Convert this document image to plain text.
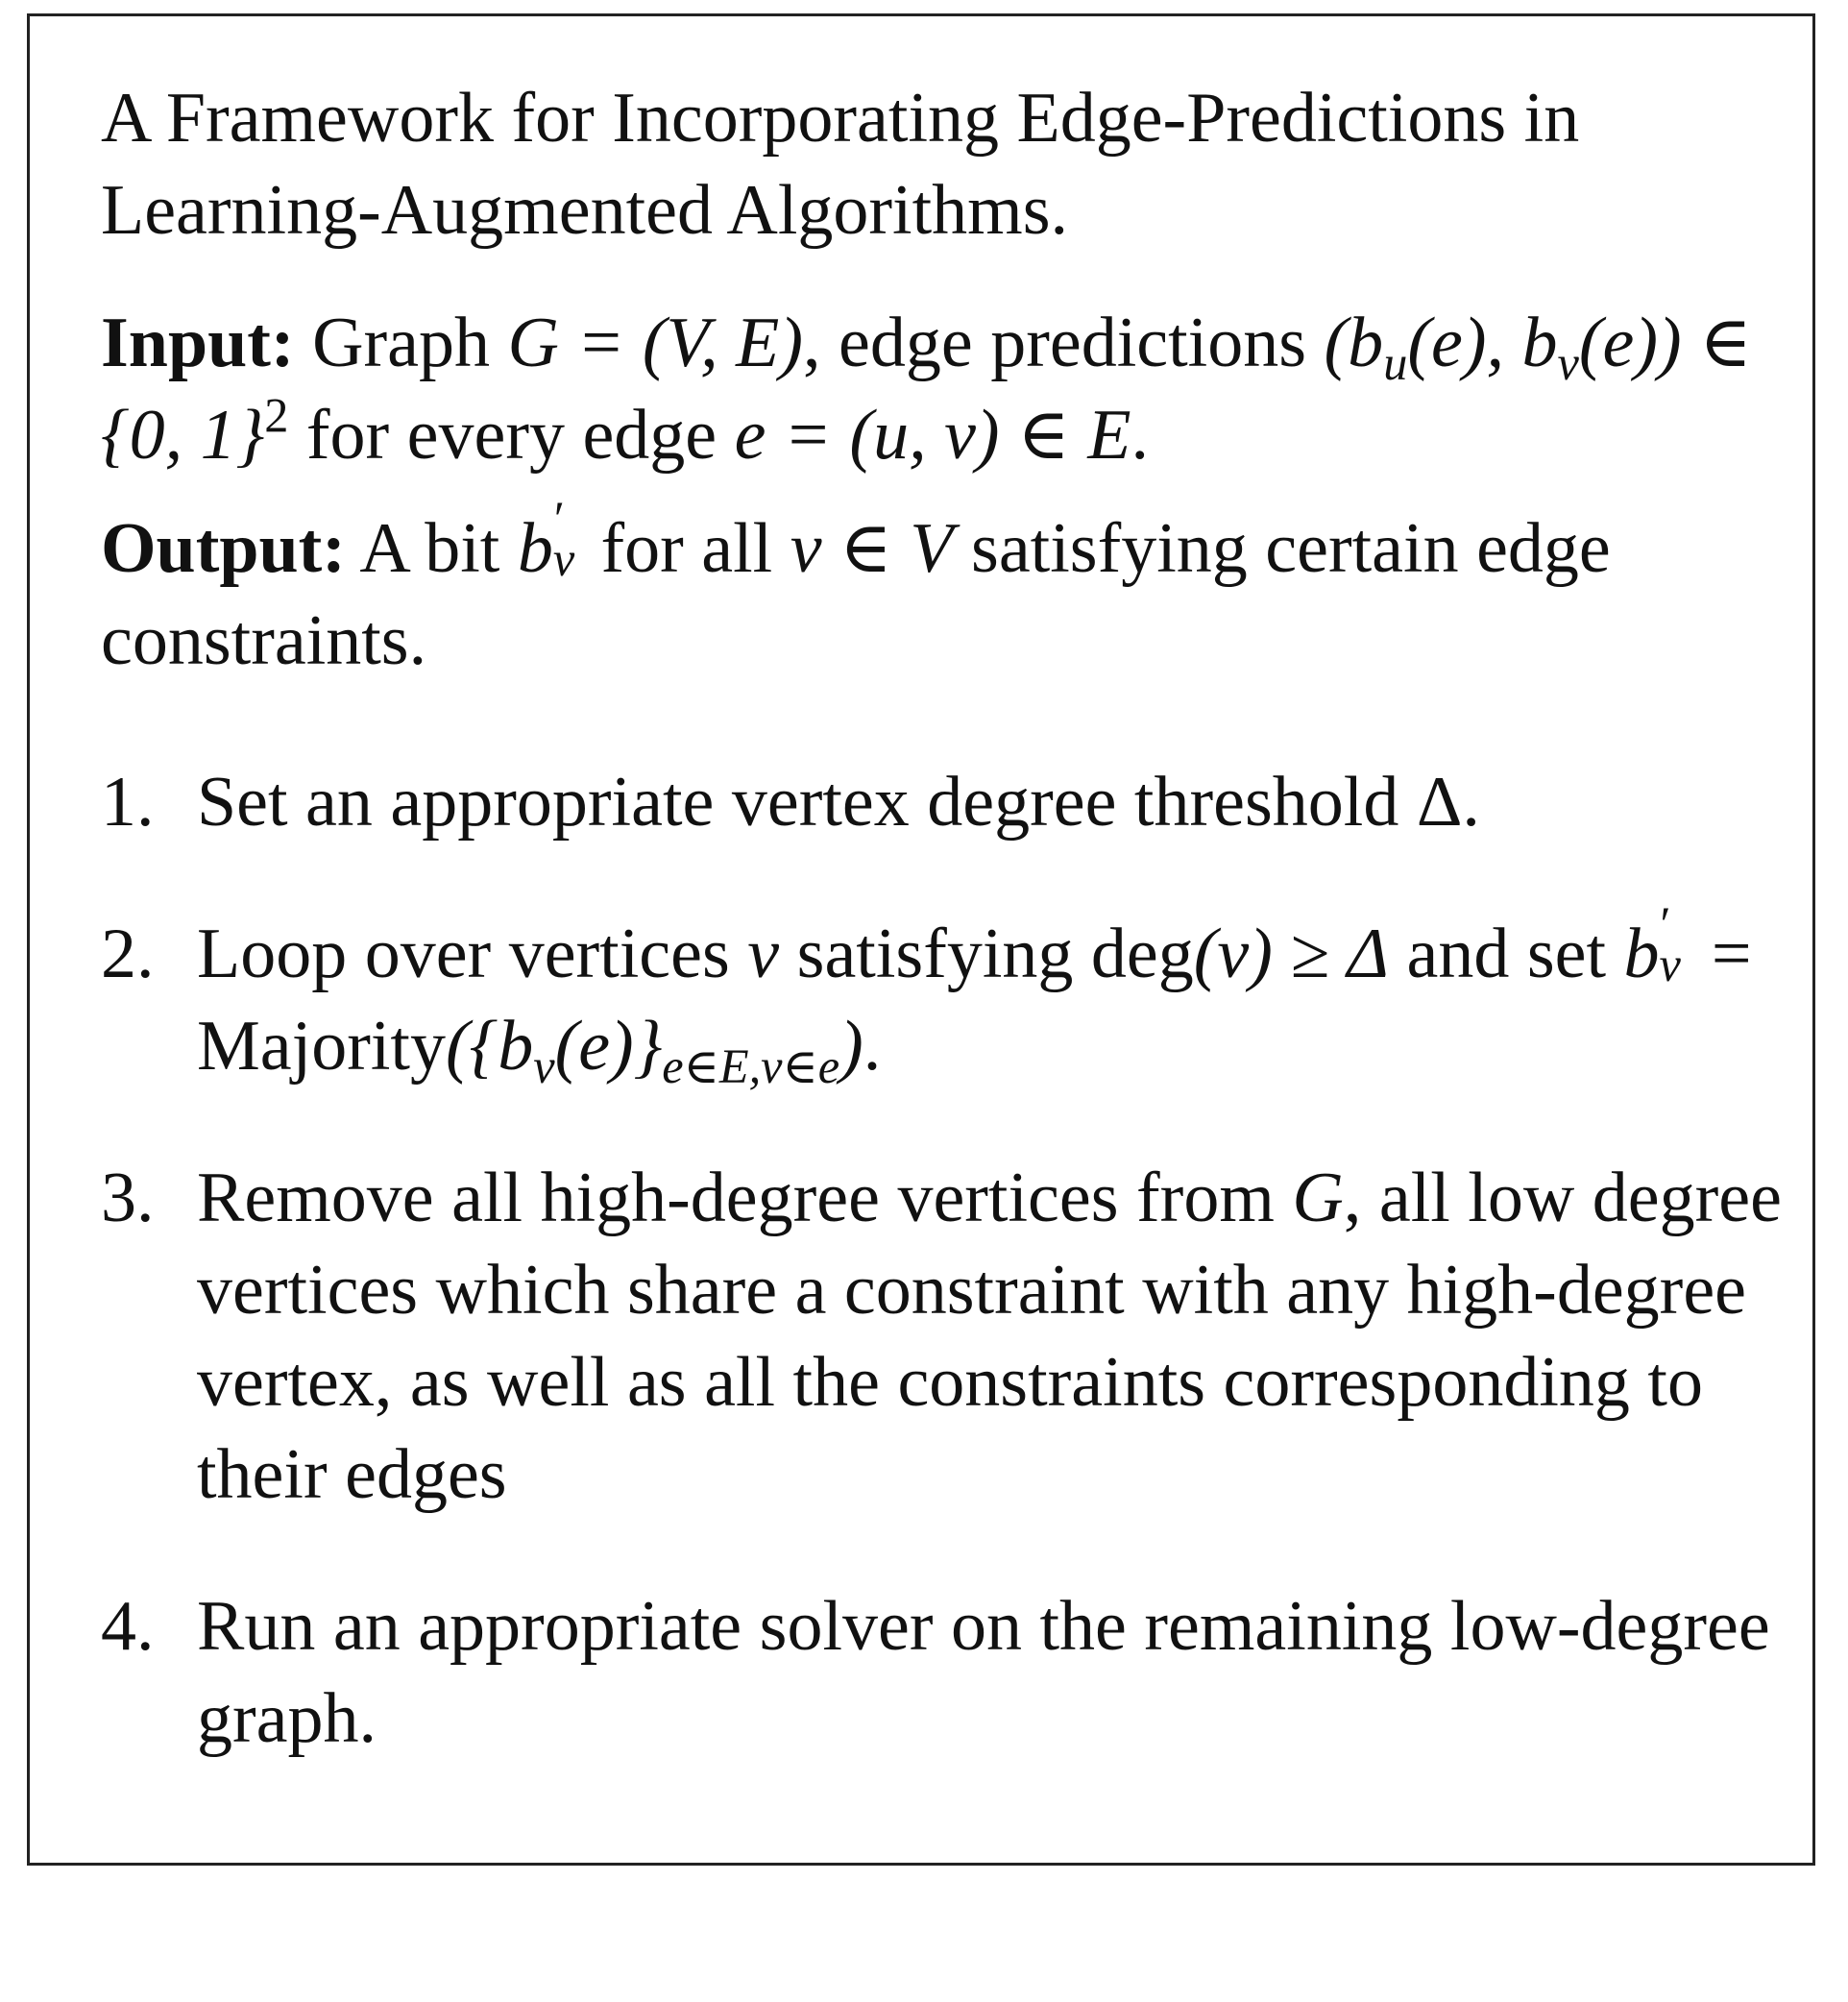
A Framework for Incorporating Edge-Predictions in Learning-Augmented Algorithms.
Input: Graph G = (V, E), edge predictions ($b_u(e)$, $b_v(e)$) ∈ {0, 1}$^2$ for every edge e = (u, v) ∈ E.
Output: A bit b ′
v for all v ∈ V satisfying certain edge constraints.
1. Set an appropriate vertex degree threshold Δ.
2. Loop over vertices v satisfying deg(v) ≥ Δ and set b ′
$v = Majority(\{b_v(e)\}_{e\in E,v\in e})$.
3. Remove all high-degree vertices from G, all low degree vertices which share a constraint with any high-degree vertex, as well as all the constraints corresponding to their edges
4. Run an appropriate solver on the remaining low-degree graph.
